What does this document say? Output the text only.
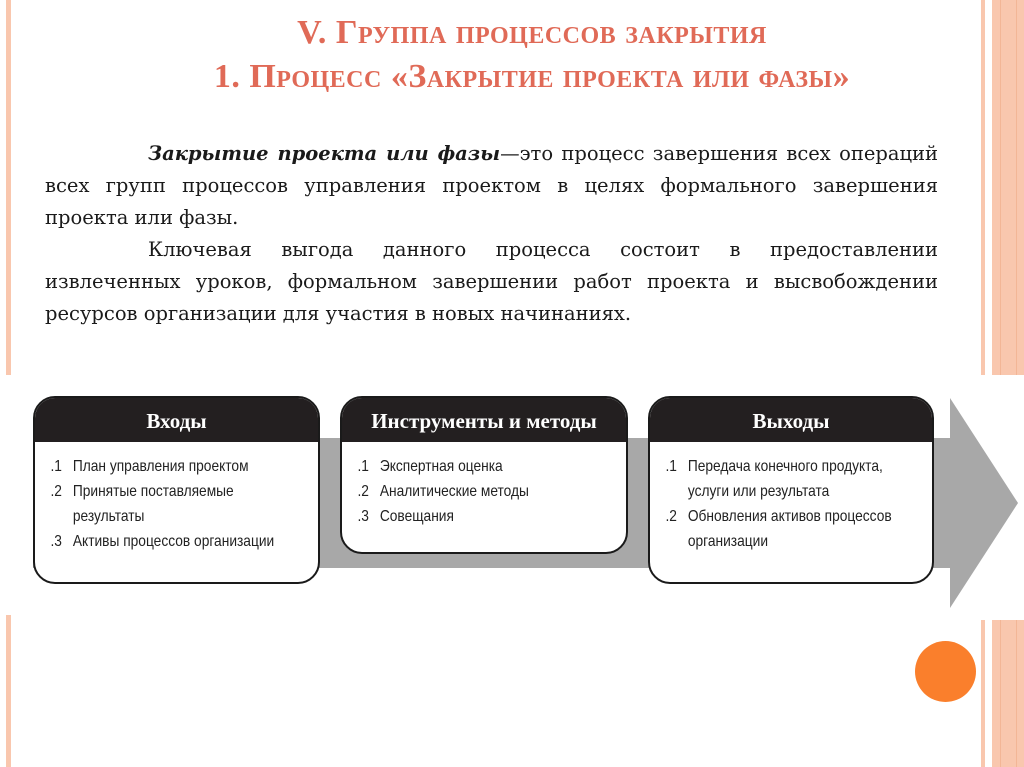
V. Группа процессов закрытия
1. Процесс «Закрытие проекта или фазы»

Закрытие проекта или фазы—это процесс завершения всех операций всех групп процессов управления проектом в целях формального завершения проекта или фазы.

Ключевая выгода данного процесса состоит в предоставлении извлеченных уроков, формальном завершении работ проекта и высвобождении ресурсов организации для участия в новых начинаниях.

Входы
.1 План управления проектом
.2 Принятые поставляемые результаты
.3 Активы процессов организации
Инструменты и методы
.1 Экспертная оценка
.2 Аналитические методы
.3 Совещания
Выходы
.1 Передача конечного продукта, услуги или результата
.2 Обновления активов процессов организации
